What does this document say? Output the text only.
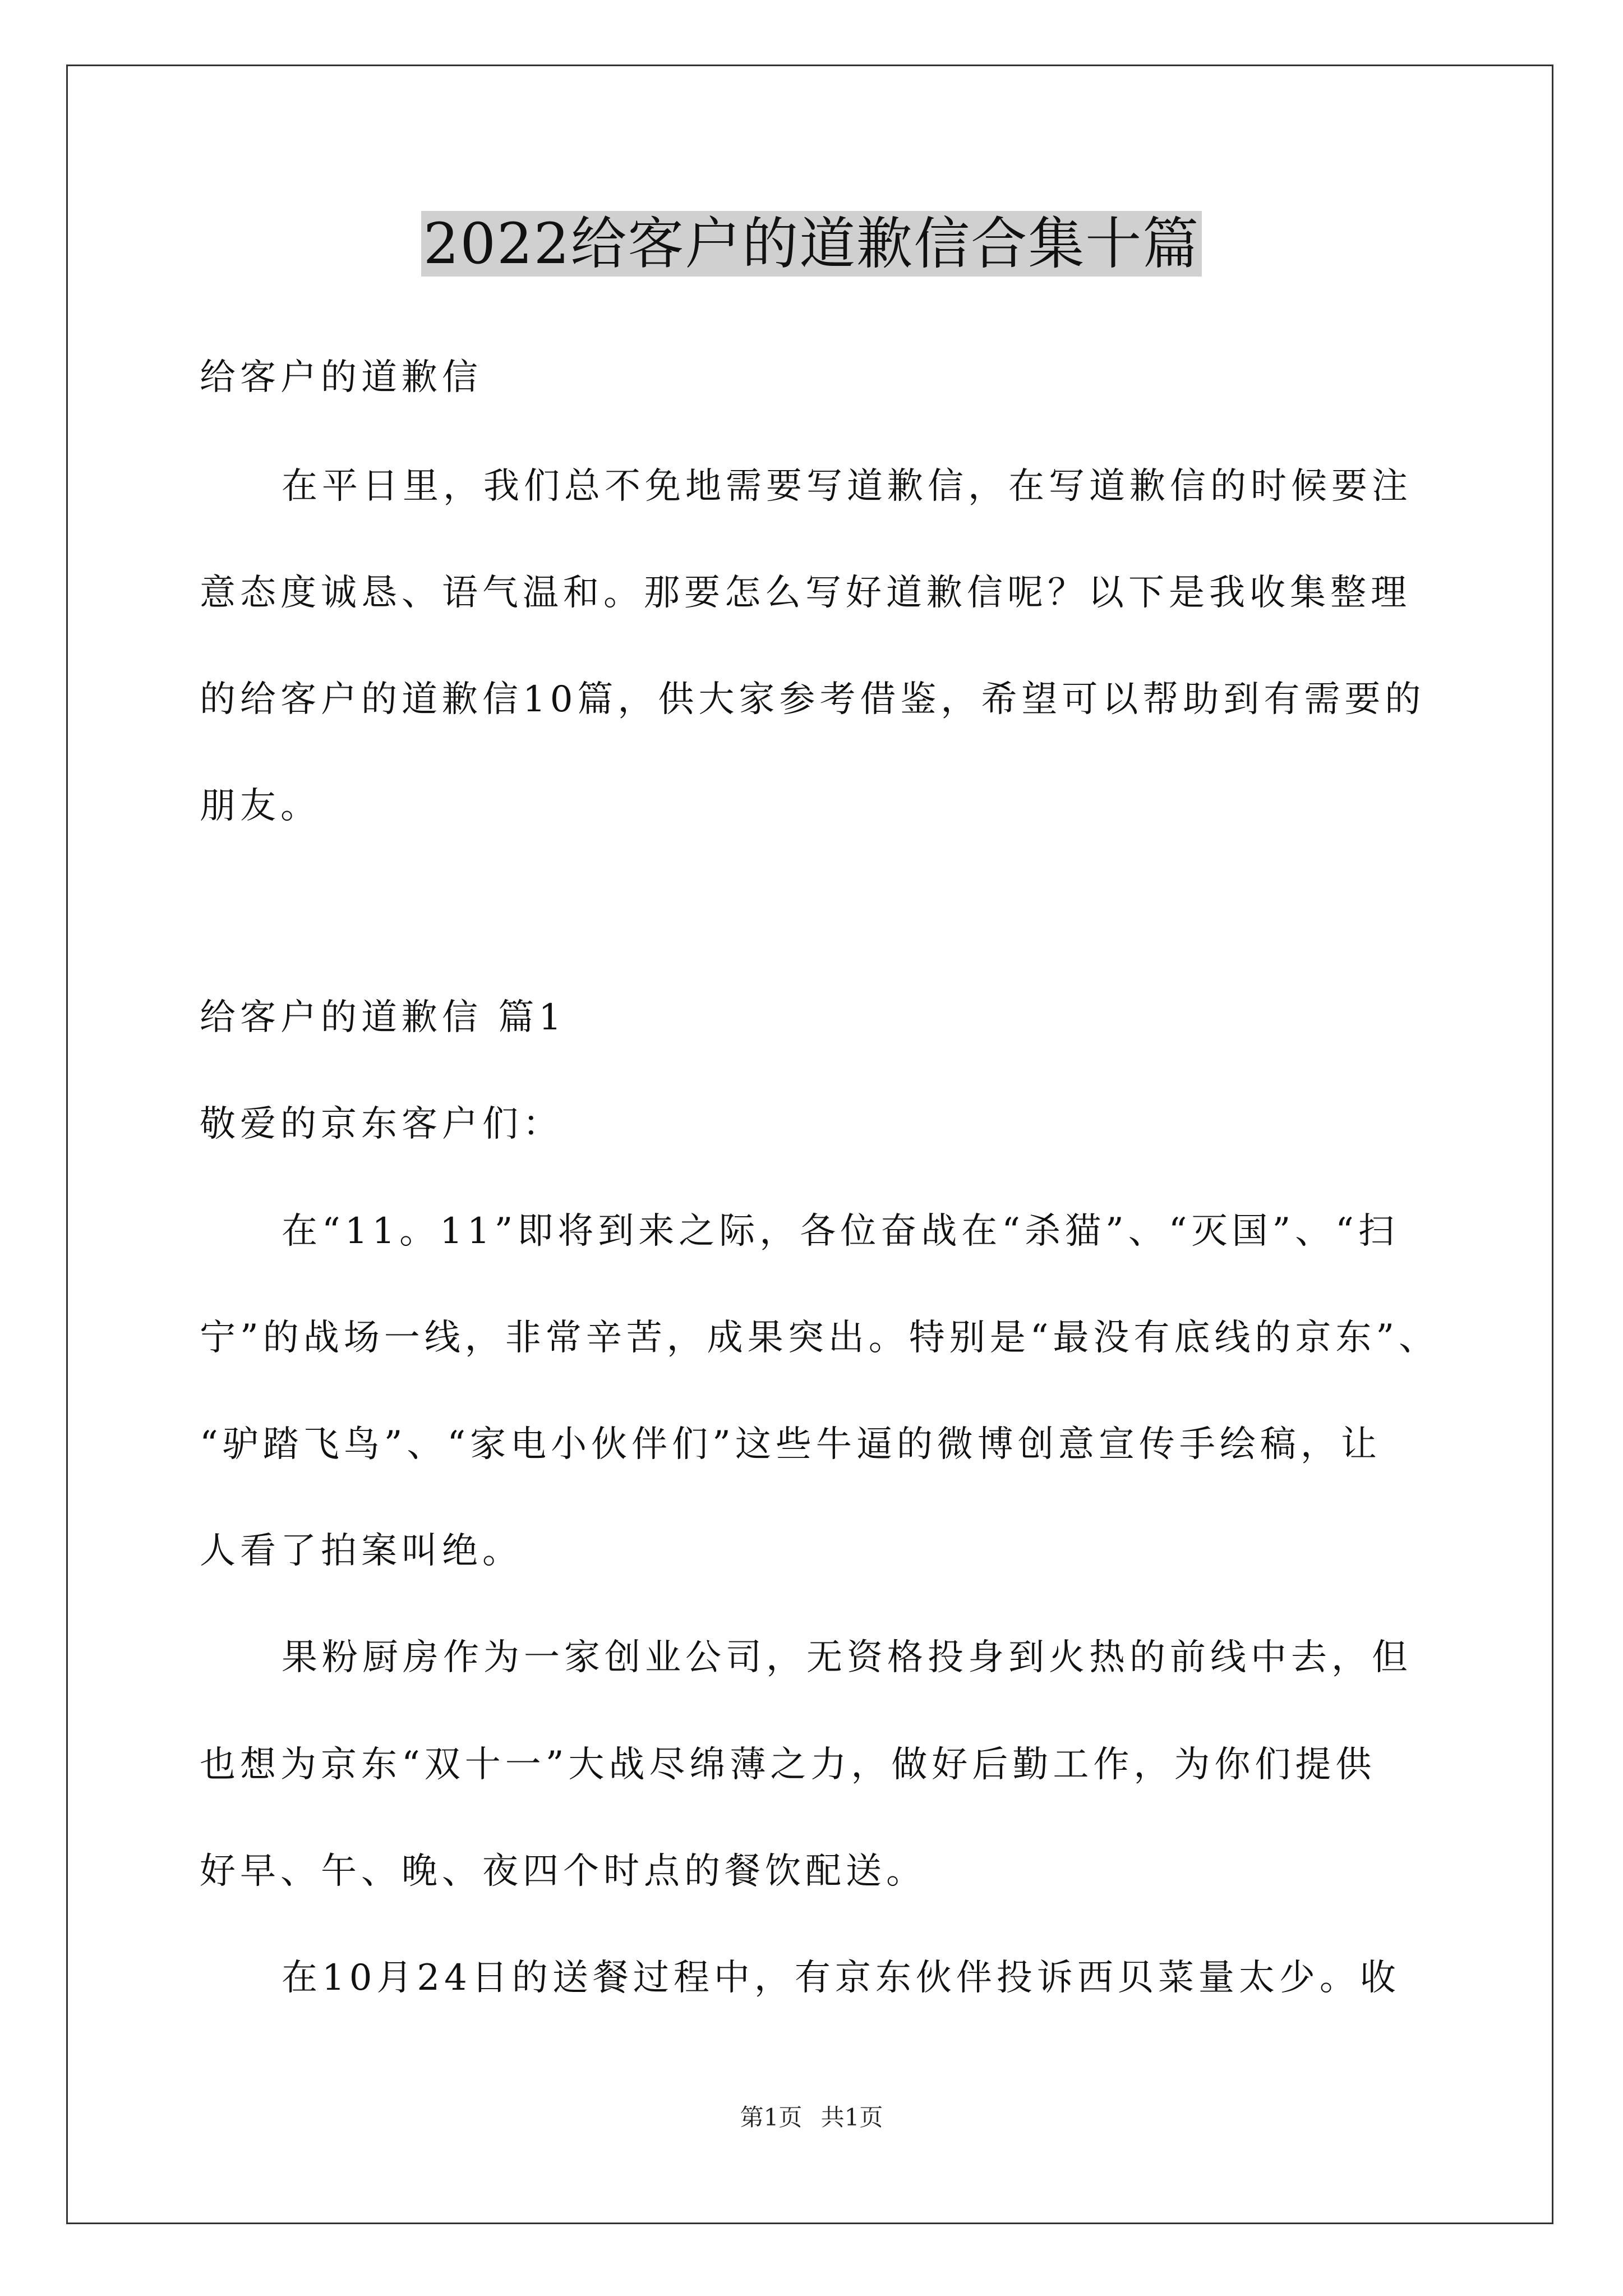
2022给客户的道歉信合集十篇
给客户的道歉信
在平日里，我们总不免地需要写道歉信，在写道歉信的时候要注
意态度诚恳、语气温和。那要怎么写好道歉信呢？以下是我收集整理
的给客户的道歉信10篇，供大家参考借鉴，希望可以帮助到有需要的
朋友。
给客户的道歉信 篇1
敬爱的京东客户们：
在“11。11”即将到来之际，各位奋战在“杀猫”、“灭国”、“扫
宁”的战场一线，非常辛苦，成果突出。特别是“最没有底线的京东”、
“驴踏飞鸟”、“家电小伙伴们”这些牛逼的微博创意宣传手绘稿，让
人看了拍案叫绝。
果粉厨房作为一家创业公司，无资格投身到火热的前线中去，但
也想为京东“双十一”大战尽绵薄之力，做好后勤工作，为你们提供
好早、午、晚、夜四个时点的餐饮配送。
在10月24日的送餐过程中，有京东伙伴投诉西贝菜量太少。收
第1页 共1页
